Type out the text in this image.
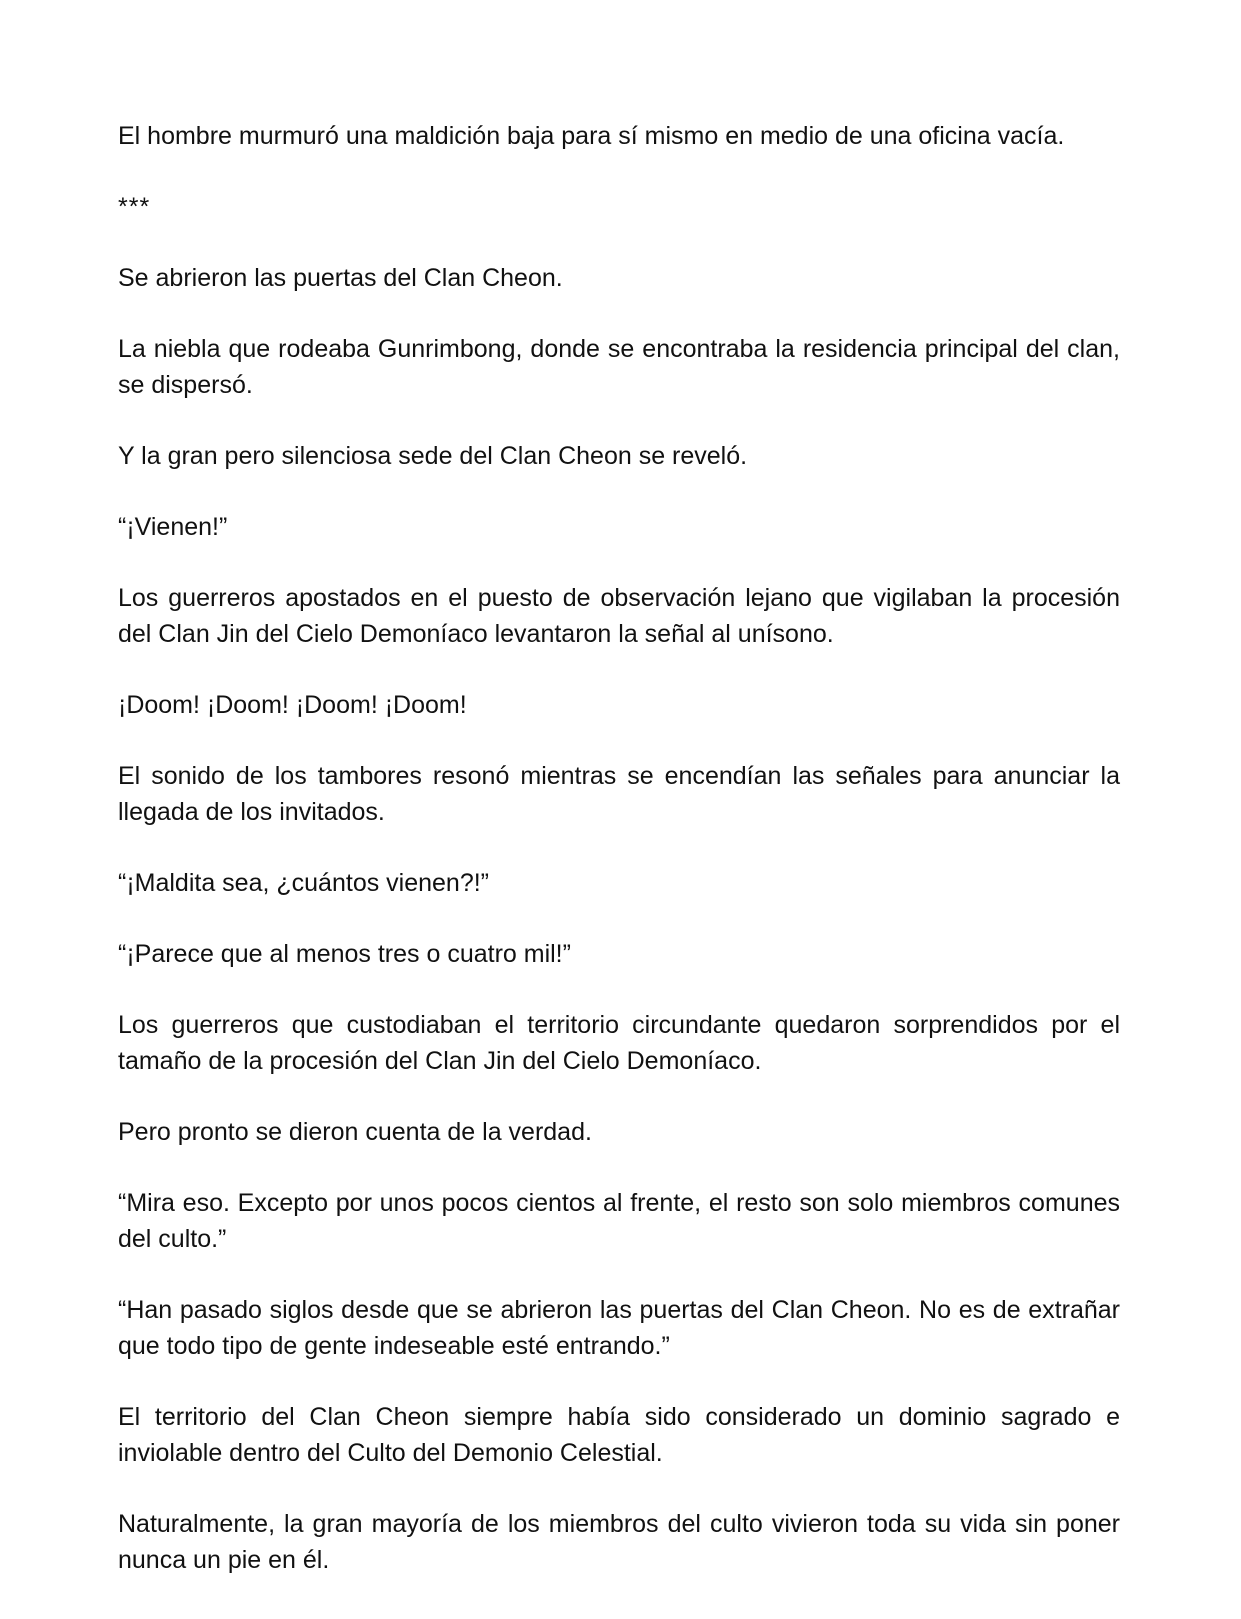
El hombre murmuró una maldición baja para sí mismo en medio de una oficina vacía.

***

Se abrieron las puertas del Clan Cheon.

La niebla que rodeaba Gunrimbong, donde se encontraba la residencia principal del clan, se dispersó.

Y la gran pero silenciosa sede del Clan Cheon se reveló.

“¡Vienen!”

Los guerreros apostados en el puesto de observación lejano que vigilaban la procesión del Clan Jin del Cielo Demoníaco levantaron la señal al unísono.

¡Doom! ¡Doom! ¡Doom! ¡Doom!

El sonido de los tambores resonó mientras se encendían las señales para anunciar la llegada de los invitados.

“¡Maldita sea, ¿cuántos vienen?!”

“¡Parece que al menos tres o cuatro mil!”

Los guerreros que custodiaban el territorio circundante quedaron sorprendidos por el tamaño de la procesión del Clan Jin del Cielo Demoníaco.

Pero pronto se dieron cuenta de la verdad.

“Mira eso. Excepto por unos pocos cientos al frente, el resto son solo miembros comunes del culto.”

“Han pasado siglos desde que se abrieron las puertas del Clan Cheon. No es de extrañar que todo tipo de gente indeseable esté entrando.”

El territorio del Clan Cheon siempre había sido considerado un dominio sagrado e inviolable dentro del Culto del Demonio Celestial.

Naturalmente, la gran mayoría de los miembros del culto vivieron toda su vida sin poner nunca un pie en él.
